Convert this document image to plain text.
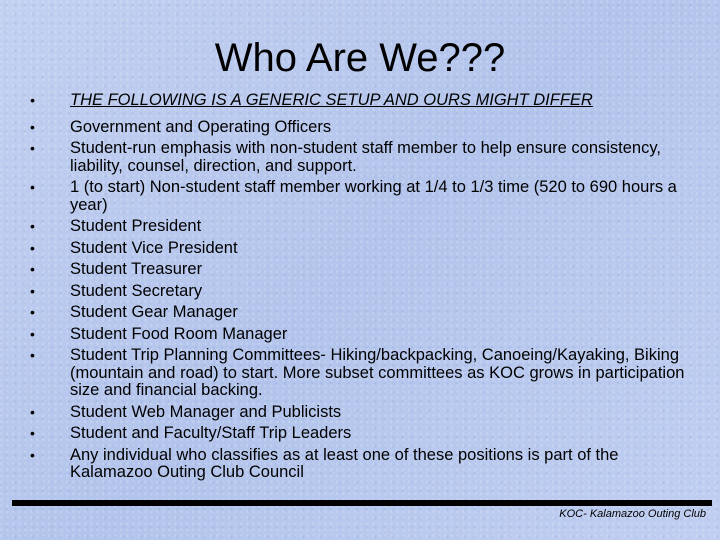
Who Are We???
• THE FOLLOWING IS A GENERIC SETUP AND OURS MIGHT DIFFER
• Government and Operating Officers
• Student-run emphasis with non-student staff member to help ensure consistency, liability, counsel, direction, and support.
• 1 (to start) Non-student staff member working at 1/4 to 1/3 time (520 to 690 hours a year)
• Student President
• Student Vice President
• Student Treasurer
• Student Secretary
• Student Gear Manager
• Student Food Room Manager
• Student Trip Planning Committees- Hiking/backpacking, Canoeing/Kayaking, Biking (mountain and road) to start. More subset committees as KOC grows in participation size and financial backing.
• Student Web Manager and Publicists
• Student and Faculty/Staff Trip Leaders
• Any individual who classifies as at least one of these positions is part of the Kalamazoo Outing Club Council
KOC- Kalamazoo Outing Club
